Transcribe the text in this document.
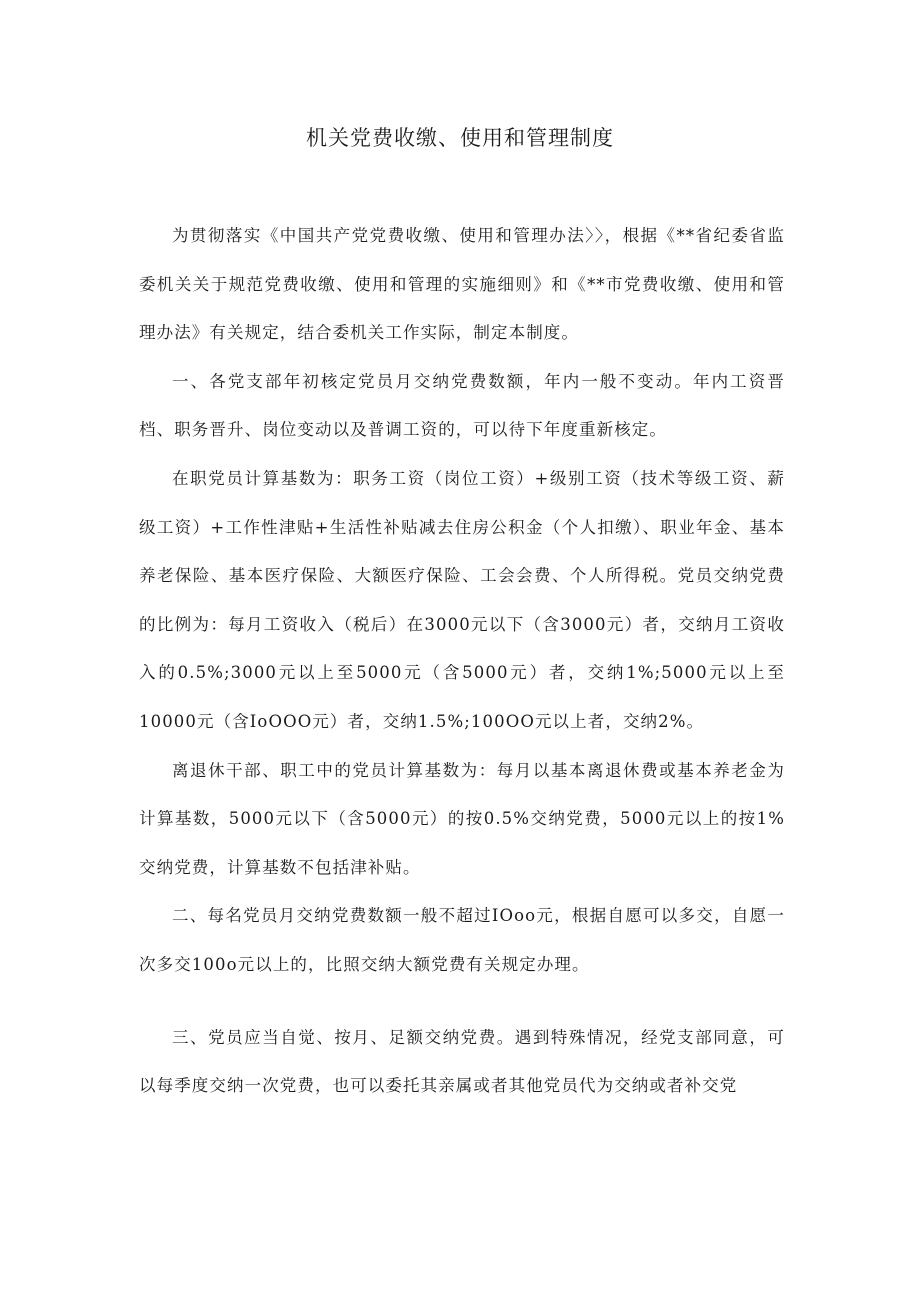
机关党费收缴、使用和管理制度

为贯彻落实《中国共产党党费收缴、使用和管理办法〉〉，根据《**省纪委省监委机关关于规范党费收缴、使用和管理的实施细则》和《**市党费收缴、使用和管理办法》有关规定，结合委机关工作实际，制定本制度。

一、各党支部年初核定党员月交纳党费数额，年内一般不变动。年内工资晋档、职务晋升、岗位变动以及普调工资的，可以待下年度重新核定。

在职党员计算基数为：职务工资（岗位工资）+级别工资（技术等级工资、薪级工资）+工作性津贴+生活性补贴减去住房公积金（个人扣缴）、职业年金、基本养老保险、基本医疗保险、大额医疗保险、工会会费、个人所得税。党员交纳党费的比例为：每月工资收入（税后）在3000元以下（含3000元）者，交纳月工资收入的0.5%;3000元以上至5000元（含5000元）者，交纳1%;5000元以上至10000元（含IoOOO元）者，交纳1.5%;100OO元以上者，交纳2%。

离退休干部、职工中的党员计算基数为：每月以基本离退休费或基本养老金为计算基数，5000元以下（含5000元）的按0.5%交纳党费，5000元以上的按1%交纳党费，计算基数不包括津补贴。

二、每名党员月交纳党费数额一般不超过IOoo元，根据自愿可以多交，自愿一次多交100o元以上的，比照交纳大额党费有关规定办理。

三、党员应当自觉、按月、足额交纳党费。遇到特殊情况，经党支部同意，可以每季度交纳一次党费，也可以委托其亲属或者其他党员代为交纳或者补交党
